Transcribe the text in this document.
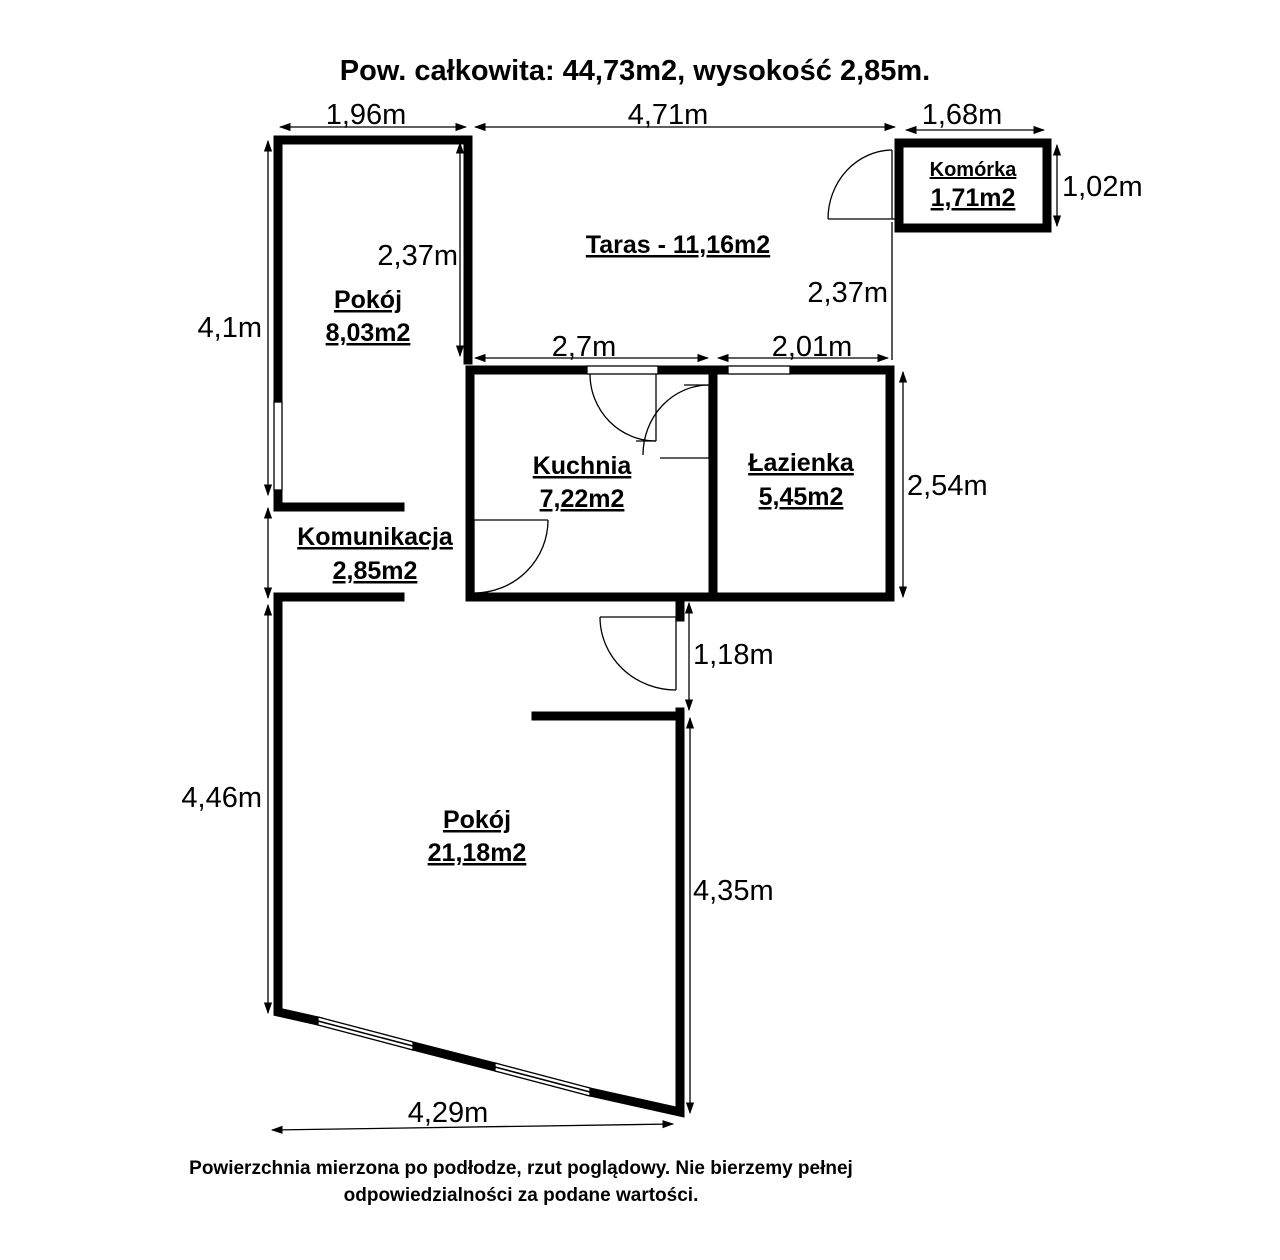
Pow. całkowita: 44,73m2, wysokość 2,85m.
1,96m	4,71m	1,68m
1,02m
4,1m
2,37m
2,37m
2,7m	2,01m
2,54m
1,18m
4,46m
4,35m
4,29m
Pokój
8,03m2
Taras - 11,16m2
Komórka
1,71m2
Kuchnia
7,22m2
Łazienka
5,45m2
Komunikacja
2,85m2
Pokój
21,18m2
Powierzchnia mierzona po podłodze, rzut poglądowy. Nie bierzemy pełnej
odpowiedzialności za podane wartości.
